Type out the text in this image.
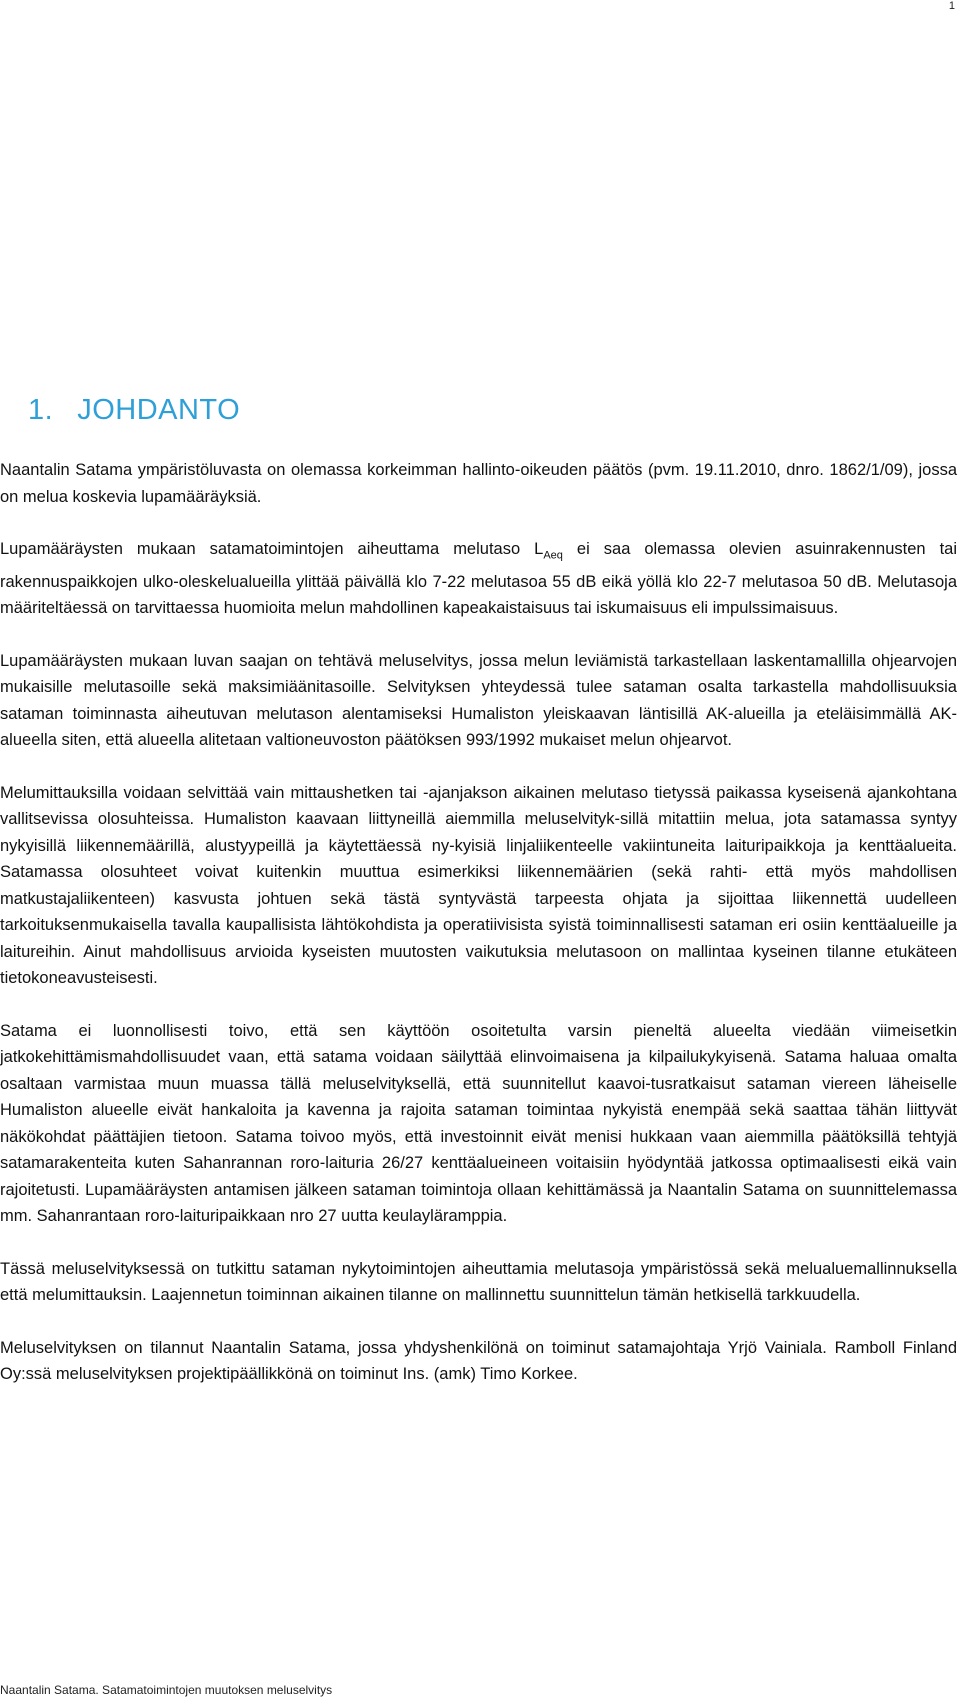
1
1. JOHDANTO

Naantalin Satama ympäristöluvasta on olemassa korkeimman hallinto-oikeuden päätös (pvm. 19.11.2010, dnro. 1862/1/09), jossa on melua koskevia lupamääräyksiä.

Lupamääräysten mukaan satamatoimintojen aiheuttama melutaso $L_{Aeq}$ ei saa olemassa olevien asuinrakennusten tai rakennuspaikkojen ulko-oleskelualueilla ylittää päivällä klo 7-22 melutasoa 55 dB eikä yöllä klo 22-7 melutasoa 50 dB. Melutasoja määriteltäessä on tarvittaessa huomioita melun mahdollinen kapeakaistaisuus tai iskumaisuus eli impulssimaisuus.

Lupamääräysten mukaan luvan saajan on tehtävä meluselvitys, jossa melun leviämistä tarkastellaan laskentamallilla ohjearvojen mukaisille melutasoille sekä maksimiäänitasoille. Selvityksen yhteydessä tulee sataman osalta tarkastella mahdollisuuksia sataman toiminnasta aiheutuvan melutason alentamiseksi Humaliston yleiskaavan läntisillä AK-alueilla ja eteläisimmällä AK-alueella siten, että alueella alitetaan valtioneuvoston päätöksen 993/1992 mukaiset melun ohjearvot.

Melumittauksilla voidaan selvittää vain mittaushetken tai -ajanjakson aikainen melutaso tietyssä paikassa kyseisenä ajankohtana vallitsevissa olosuhteissa. Humaliston kaavaan liittyneillä aiemmilla meluselvityk-sillä mitattiin melua, jota satamassa syntyy nykyisillä liikennemäärillä, alustyypeillä ja käytettäessä ny-kyisiä linjaliikenteelle vakiintuneita laituripaikkoja ja kenttäalueita. Satamassa olosuhteet voivat kuitenkin muuttua esimerkiksi liikennemäärien (sekä rahti- että myös mahdollisen matkustajaliikenteen) kasvusta johtuen sekä tästä syntyvästä tarpeesta ohjata ja sijoittaa liikennettä uudelleen tarkoituksenmukaisella tavalla kaupallisista lähtökohdista ja operatiivisista syistä toiminnallisesti sataman eri osiin kenttäalueille ja laitureihin. Ainut mahdollisuus arvioida kyseisten muutosten vaikutuksia melutasoon on mallintaa kyseinen tilanne etukäteen tietokoneavusteisesti.

Satama ei luonnollisesti toivo, että sen käyttöön osoitetulta varsin pieneltä alueelta viedään viimeisetkin jatkokehittämismahdollisuudet vaan, että satama voidaan säilyttää elinvoimaisena ja kilpailukykyisenä. Satama haluaa omalta osaltaan varmistaa muun muassa tällä meluselvityksellä, että suunnitellut kaavoi-tusratkaisut sataman viereen läheiselle Humaliston alueelle eivät hankaloita ja kavenna ja rajoita sataman toimintaa nykyistä enempää sekä saattaa tähän liittyvät näkökohdat päättäjien tietoon. Satama toivoo myös, että investoinnit eivät menisi hukkaan vaan aiemmilla päätöksillä tehtyjä satamarakenteita kuten Sahanrannan roro-laituria 26/27 kenttäalueineen voitaisiin hyödyntää jatkossa optimaalisesti eikä vain rajoitetusti. Lupamääräysten antamisen jälkeen sataman toimintoja ollaan kehittämässä ja Naantalin Satama on suunnittelemassa mm. Sahanrantaan roro-laituripaikkaan nro 27 uutta keulayläramppia.

Tässä meluselvityksessä on tutkittu sataman nykytoimintojen aiheuttamia melutasoja ympäristössä sekä melualuemallinnuksella että melumittauksin. Laajennetun toiminnan aikainen tilanne on mallinnettu suunnittelun tämän hetkisellä tarkkuudella.

Meluselvityksen on tilannut Naantalin Satama, jossa yhdyshenkilönä on toiminut satamajohtaja Yrjö Vainiala. Ramboll Finland Oy:ssä meluselvityksen projektipäällikkönä on toiminut Ins. (amk) Timo Korkee.

Naantalin Satama. Satamatoimintojen muutoksen meluselvitys
